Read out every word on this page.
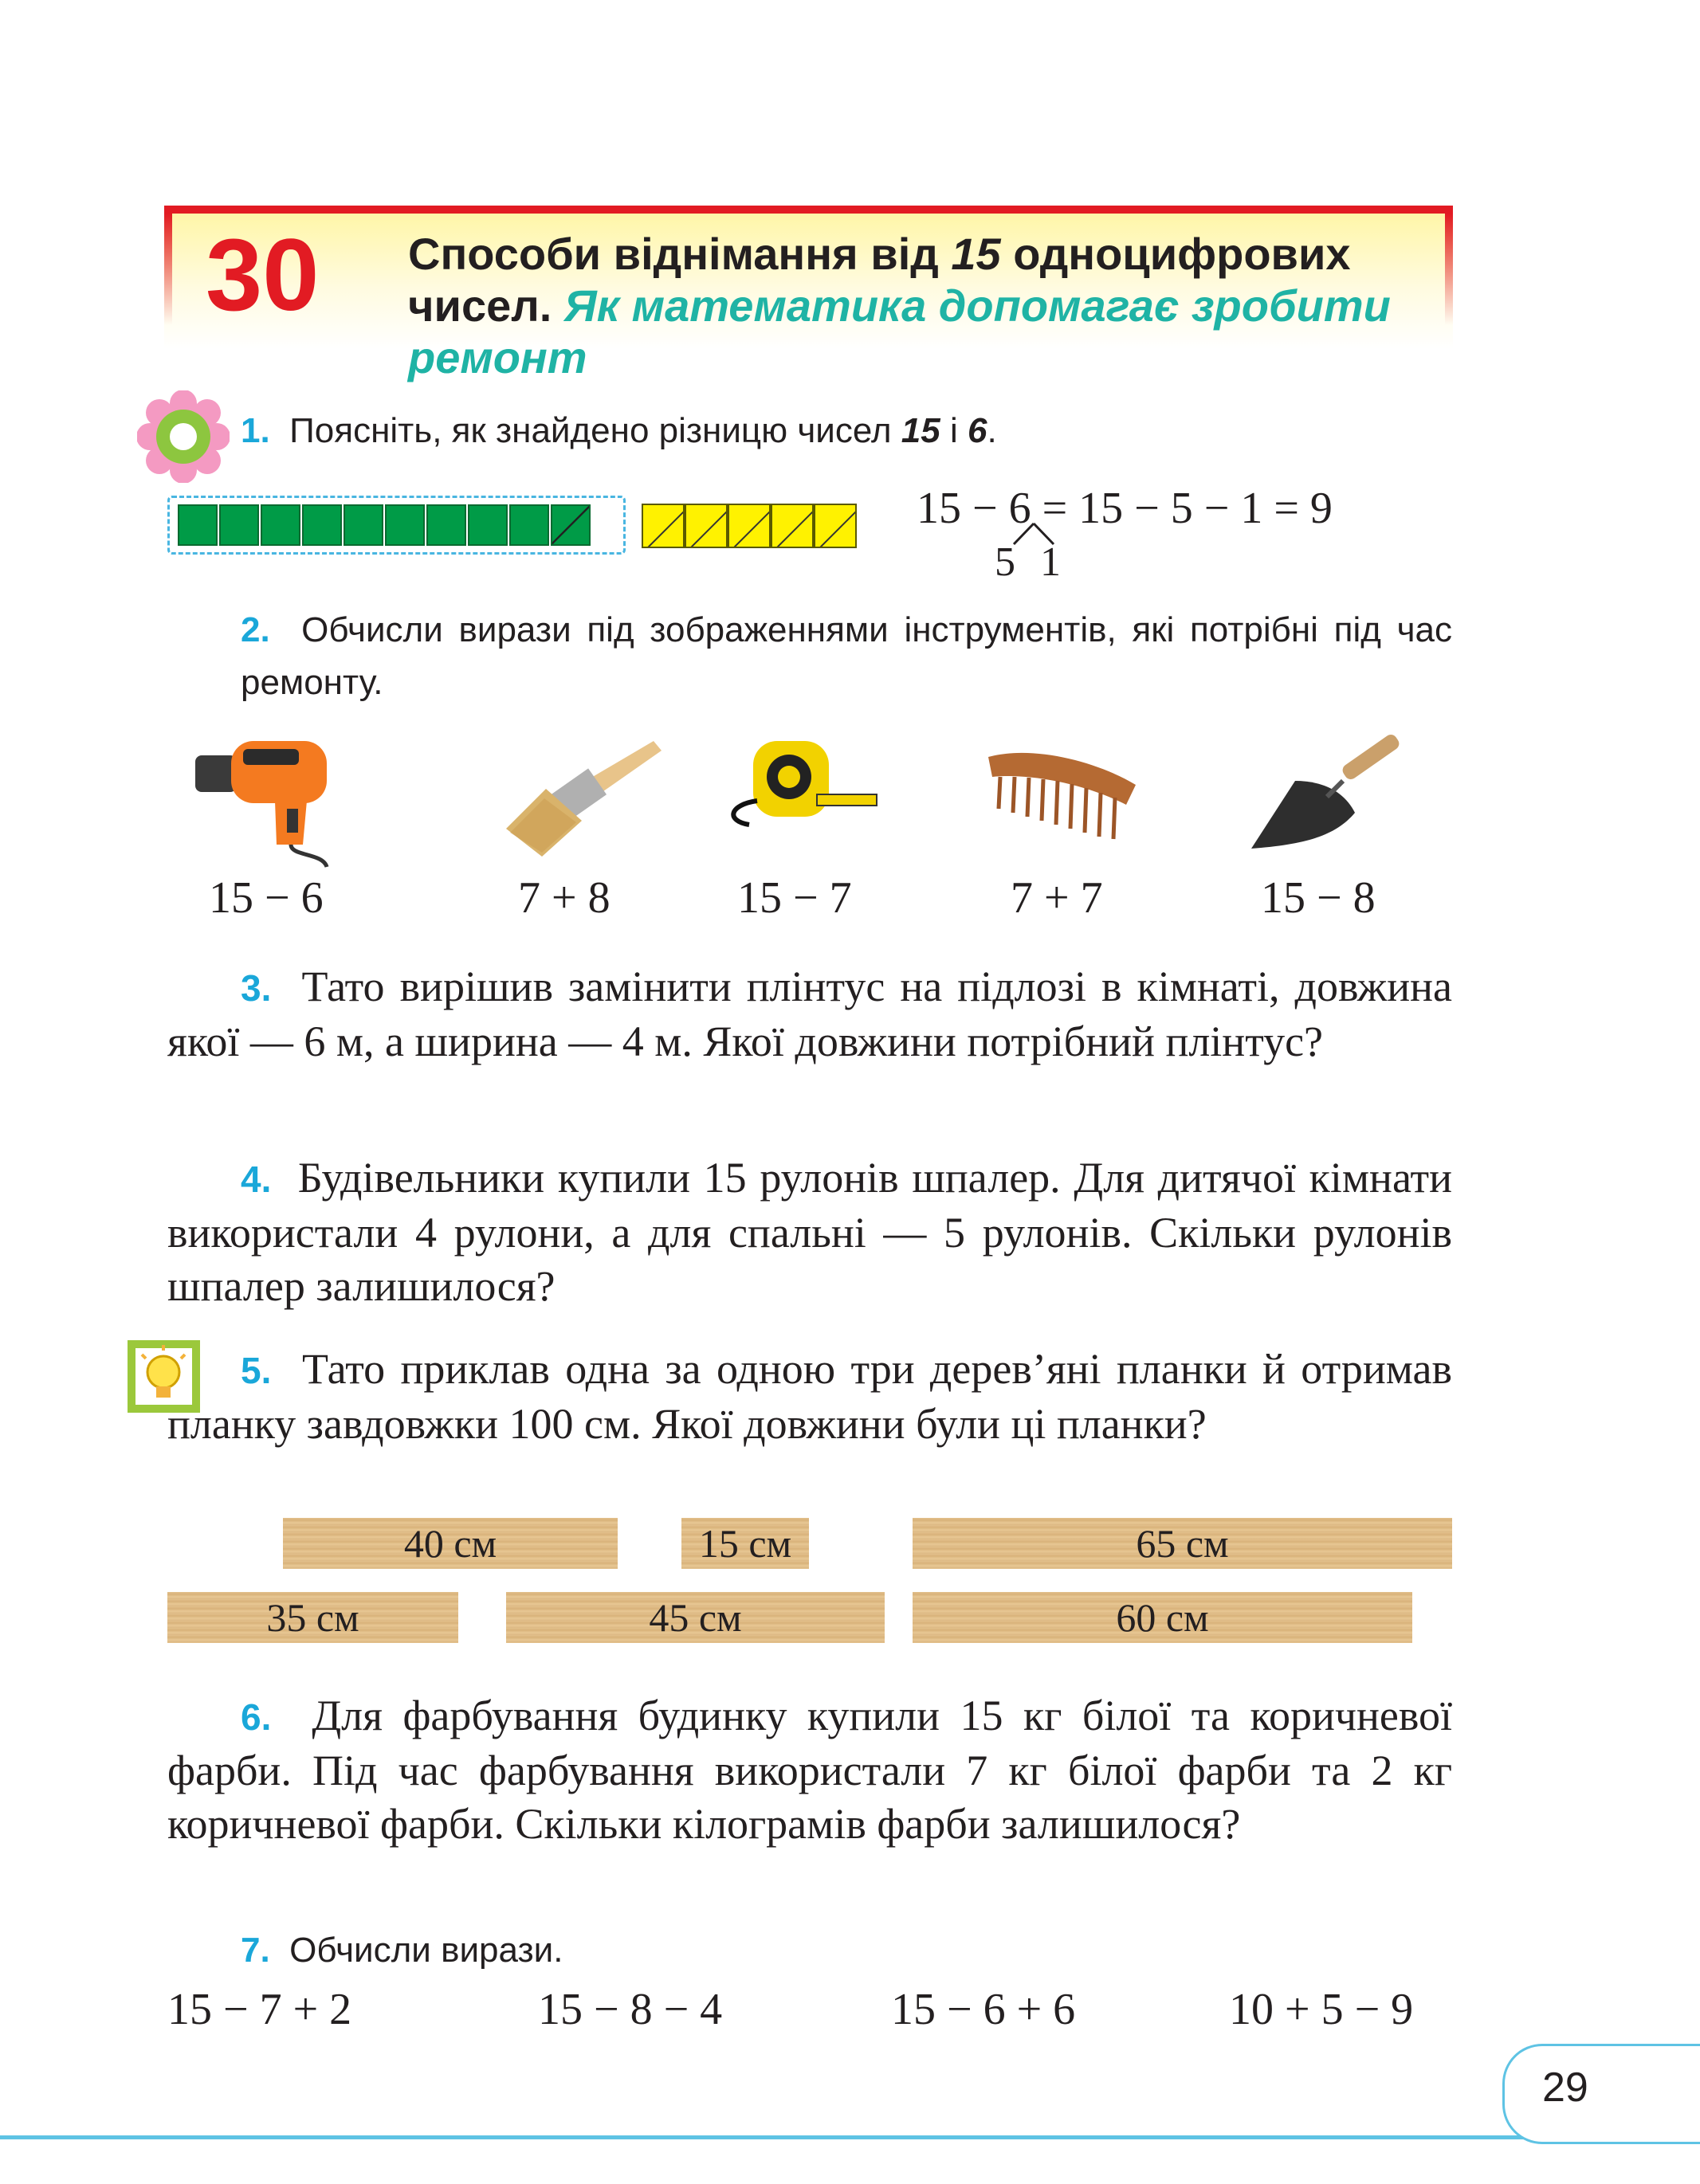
30 Способи віднімання від 15 одноцифрових чисел. Як математика допомагає зробити ремонт
1. Поясніть, як знайдено різницю чисел 15 і 6.
15 − 6 = 15 − 5 − 1 = 9
5 1
2. Обчисли вирази під зображеннями інструментів, які потрібні під час ремонту.
15 − 6	7 + 8	15 − 7	7 + 7	15 − 8
3. Тато вирішив замінити плінтус на підлозі в кімнаті, довжина якої — 6 м, а ширина — 4 м. Якої довжини потрібний плінтус?
4. Будівельники купили 15 рулонів шпалер. Для дитячої кімнати використали 4 рулони, а для спальні — 5 рулонів. Скільки рулонів шпалер залишилося?
5. Тато приклав одна за одною три дерев’яні планки й отримав планку завдовжки 100 см. Якої довжини були ці планки?
40 см	15 см	65 см
35 см	45 см	60 см
6. Для фарбування будинку купили 15 кг білої та коричневої фарби. Під час фарбування використали 7 кг білої фарби та 2 кг коричневої фарби. Скільки кілограмів фарби залишилося?
7. Обчисли вирази.
15 − 7 + 2	15 − 8 − 4	15 − 6 + 6	10 + 5 − 9
29
